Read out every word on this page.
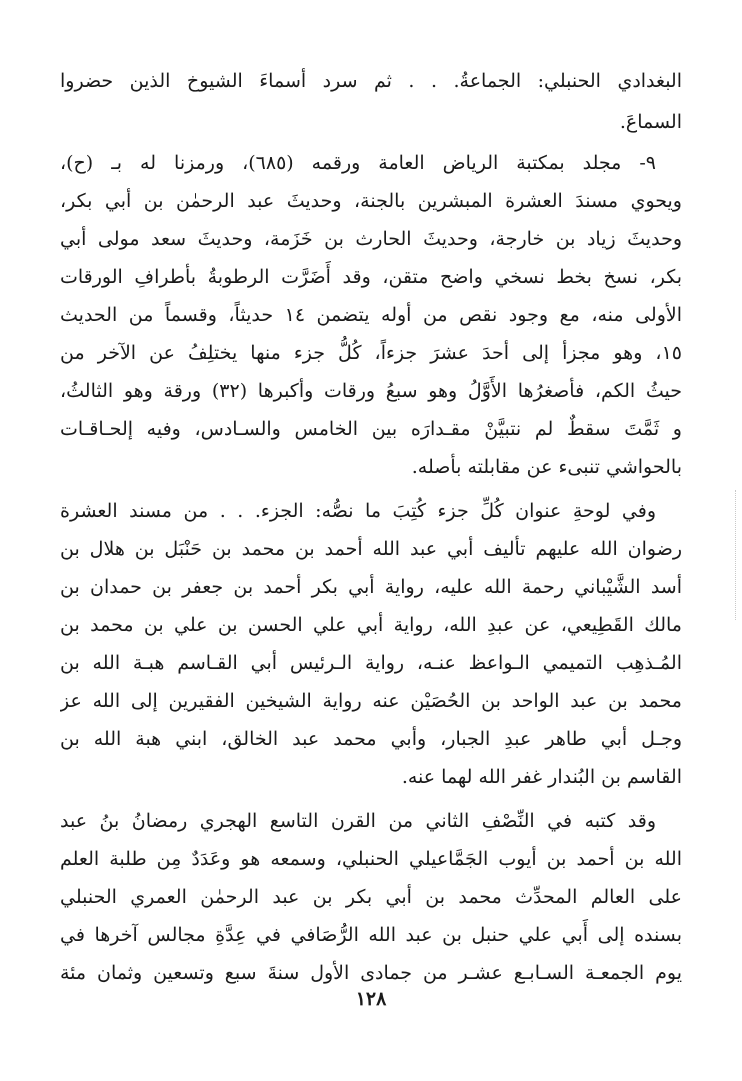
البغدادي الحنبلي: الجماعةُ. . . ثم سرد أسماءَ الشيوخ الذين حضروا
السماعَ.
٩- مجلد بمكتبة الرياض العامة ورقمه (٦٨٥)، ورمزنا له بـ (ح)،
ويحوي مسندَ العشرة المبشرين بالجنة، وحديثَ عبد الرحمٰن بن أبي بكر،
وحديثَ زياد بن خارجة، وحديثَ الحارث بن خَزَمة، وحديثَ سعد مولى أبي
بكر، نسخ بخط نسخي واضح متقن، وقد أَضَرَّت الرطوبةُ بأطرافِ الورقات
الأولى منه، مع وجود نقص من أوله يتضمن ١٤ حديثاً، وقسماً من الحديث
١٥، وهو مجزأ إلى أحدَ عشرَ جزءاً، كُلُّ جزء منها يختلِفُ عن الآخر من
حيثُ الكم، فأصغرُها الأَوَّلُ وهو سبعُ ورقات وأكبرها (٣٢) ورقة وهو الثالثُ،
و ثَمَّتَ سقطٌ لم نتبيَّنْ مقـدارَه بين الخامس والسـادس، وفيه إلحـاقـات
بالحواشي تنبىء عن مقابلته بأصله.
وفي لوحةِ عنوان كُلِّ جزء كُتِبَ ما نصُّه: الجزء. . . من مسند العشرة
رضوان الله عليهم تأليف أبي عبد الله أحمد بن محمد بن حَنْبَل بن هلال بن
أسد الشَّيْباني رحمة الله عليه، رواية أبي بكر أحمد بن جعفر بن حمدان بن
مالك القَطِيعي، عن عبدِ الله، رواية أبي علي الحسن بن علي بن محمد بن
المُـذهِب التميمي الـواعظ عنـه، رواية الـرئيس أبي القـاسم هبـة الله بن
محمد بن عبد الواحد بن الحُصَيْن عنه رواية الشيخين الفقيرين إلى الله عز
وجـل أبي طاهر عبدِ الجبار، وأبي محمد عبد الخالق، ابني هبة الله بن
القاسم بن البُندار غفر الله لهما عنه.
وقد كتبه في النِّصْفِ الثاني من القرن التاسع الهجري رمضانُ بنُ عبد
الله بن أحمد بن أيوب الجَمَّاعيلي الحنبلي، وسمعه هو وعَدَدٌ مِن طلبة العلم
على العالم المحدِّث محمد بن أبي بكر بن عبد الرحمٰن العمري الحنبلي
بسنده إلى أَبي علي حنبل بن عبد الله الرُّصَافي في عِدَّةِ مجالس آخرها في
يوم الجمعـة السـابـع عشـر من جمادى الأول سنةَ سبع وتسعين وثمان مئة
١٢٨
